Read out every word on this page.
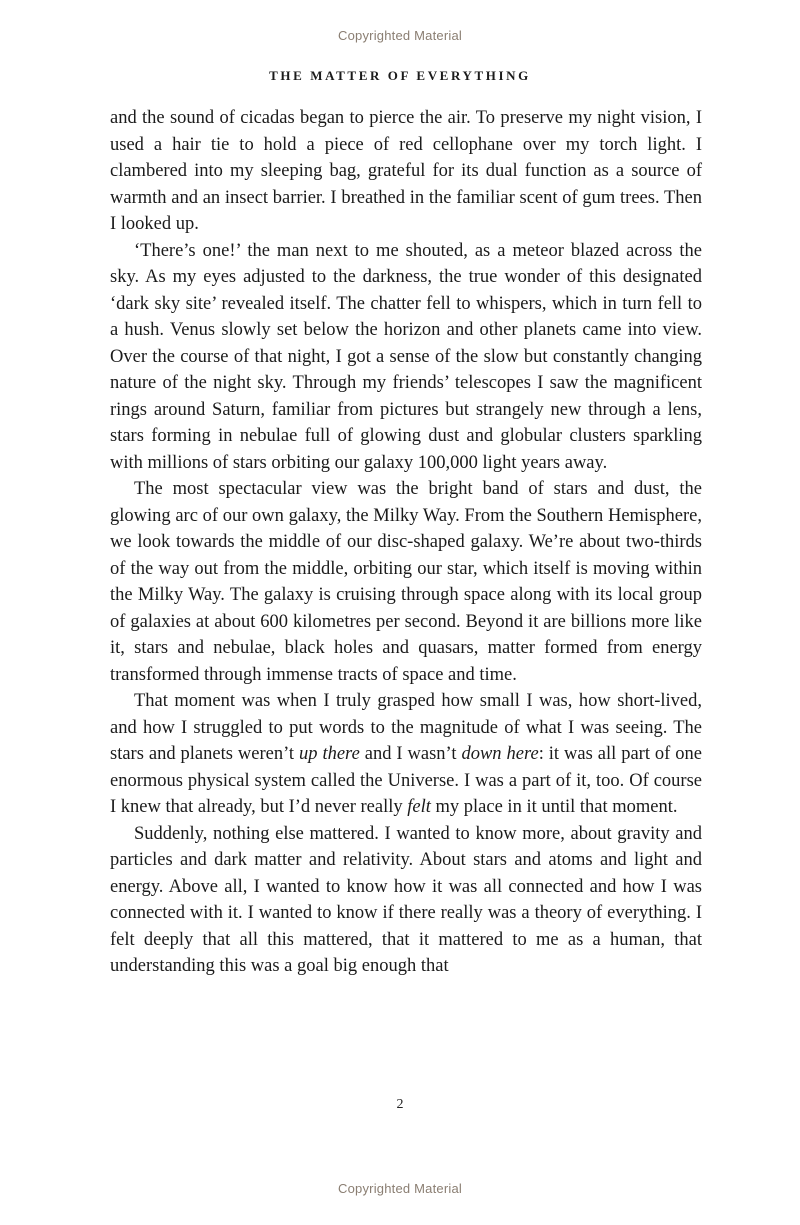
Copyrighted Material
THE MATTER OF EVERYTHING

and the sound of cicadas began to pierce the air. To preserve my night vision, I used a hair tie to hold a piece of red cellophane over my torch light. I clambered into my sleeping bag, grateful for its dual function as a source of warmth and an insect barrier. I breathed in the familiar scent of gum trees. Then I looked up.

‘There’s one!’ the man next to me shouted, as a meteor blazed across the sky. As my eyes adjusted to the darkness, the true wonder of this designated ‘dark sky site’ revealed itself. The chatter fell to whispers, which in turn fell to a hush. Venus slowly set below the horizon and other planets came into view. Over the course of that night, I got a sense of the slow but constantly changing nature of the night sky. Through my friends’ telescopes I saw the magnificent rings around Saturn, familiar from pictures but strangely new through a lens, stars forming in nebulae full of glowing dust and globular clusters sparkling with millions of stars orbiting our galaxy 100,000 light years away.

The most spectacular view was the bright band of stars and dust, the glowing arc of our own galaxy, the Milky Way. From the Southern Hemisphere, we look towards the middle of our disc-shaped galaxy. We’re about two-thirds of the way out from the middle, orbiting our star, which itself is moving within the Milky Way. The galaxy is cruising through space along with its local group of galaxies at about 600 kilometres per second. Beyond it are billions more like it, stars and nebulae, black holes and quasars, matter formed from energy transformed through immense tracts of space and time.

That moment was when I truly grasped how small I was, how short-lived, and how I struggled to put words to the magnitude of what I was seeing. The stars and planets weren’t up there and I wasn’t down here: it was all part of one enormous physical system called the Universe. I was a part of it, too. Of course I knew that already, but I’d never really felt my place in it until that moment.

Suddenly, nothing else mattered. I wanted to know more, about gravity and particles and dark matter and relativity. About stars and atoms and light and energy. Above all, I wanted to know how it was all connected and how I was connected with it. I wanted to know if there really was a theory of everything. I felt deeply that all this mattered, that it mattered to me as a human, that understanding this was a goal big enough that

2
Copyrighted Material
